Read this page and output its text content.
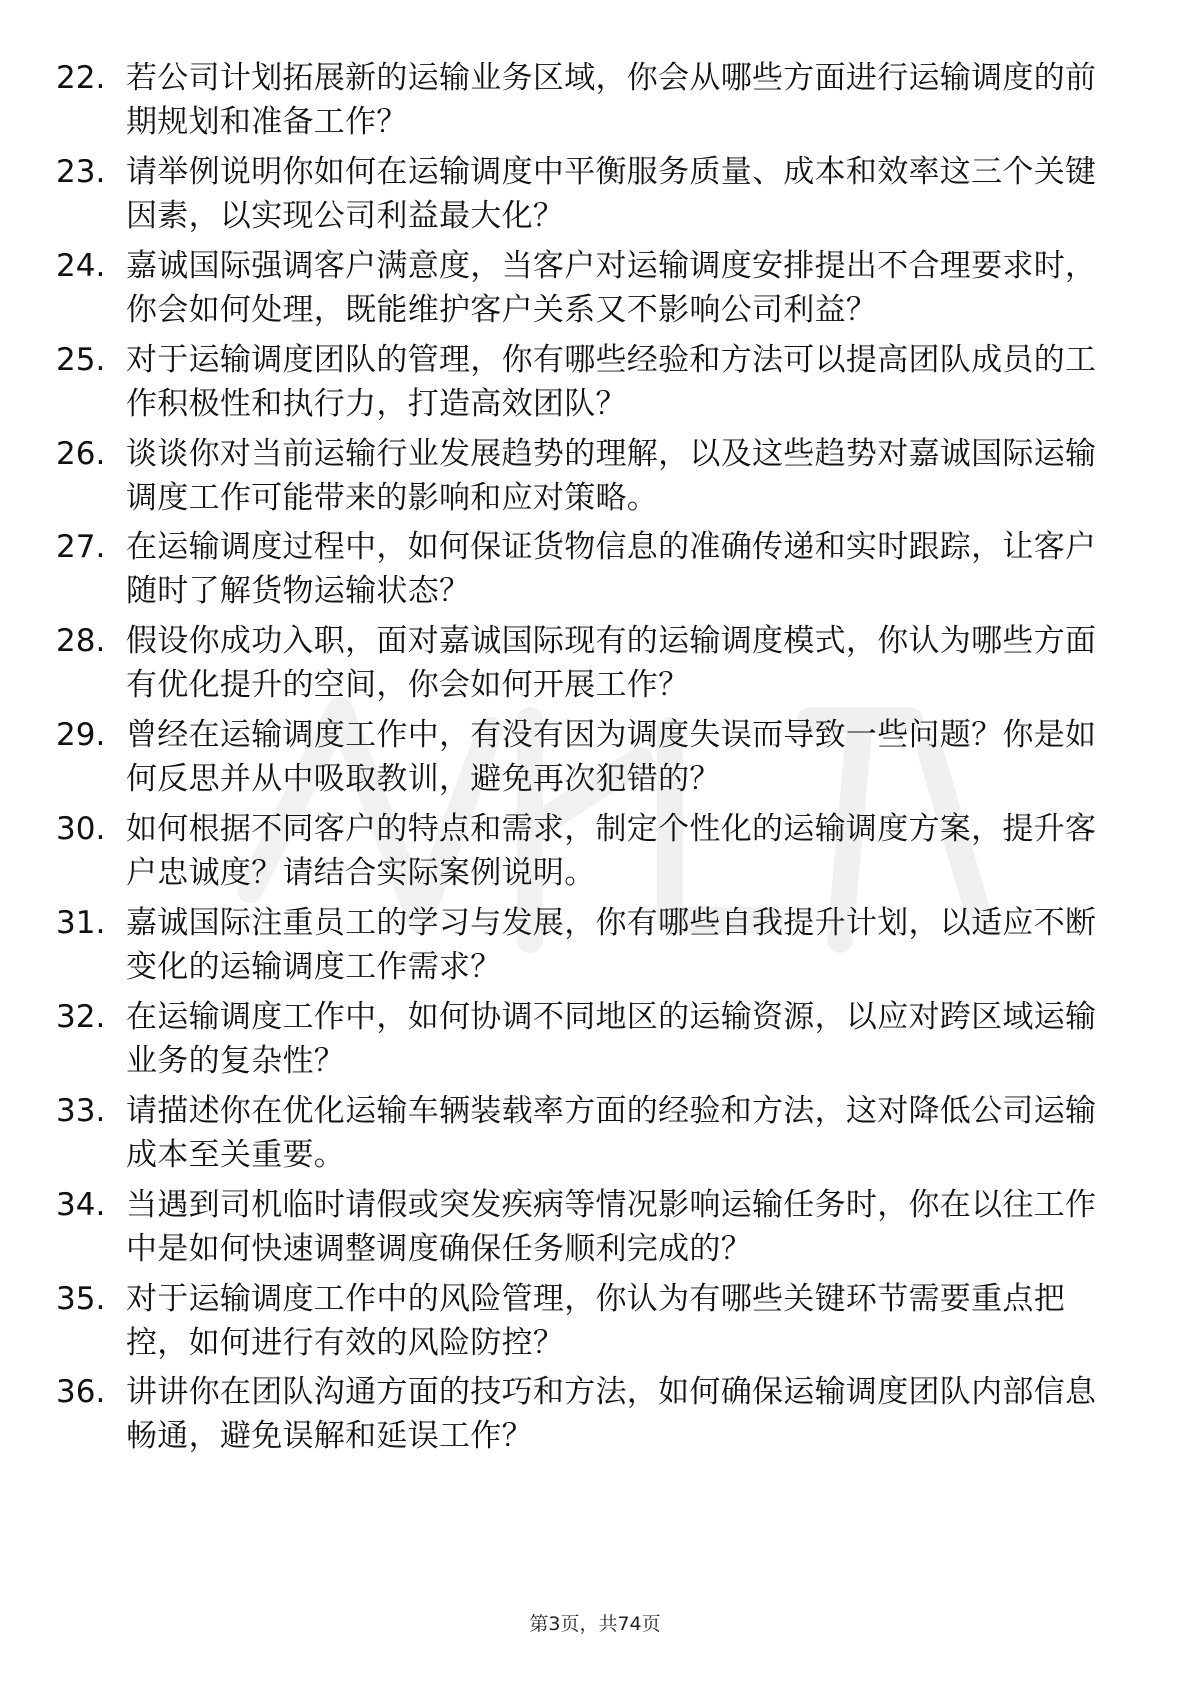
22. 若公司计划拓展新的运输业务区域，你会从哪些方面进行运输调度的前期规划和准备工作？
23. 请举例说明你如何在运输调度中平衡服务质量、成本和效率这三个关键因素，以实现公司利益最大化？
24. 嘉诚国际强调客户满意度，当客户对运输调度安排提出不合理要求时，你会如何处理，既能维护客户关系又不影响公司利益？
25. 对于运输调度团队的管理，你有哪些经验和方法可以提高团队成员的工作积极性和执行力，打造高效团队？
26. 谈谈你对当前运输行业发展趋势的理解，以及这些趋势对嘉诚国际运输调度工作可能带来的影响和应对策略。
27. 在运输调度过程中，如何保证货物信息的准确传递和实时跟踪，让客户随时了解货物运输状态？
28. 假设你成功入职，面对嘉诚国际现有的运输调度模式，你认为哪些方面有优化提升的空间，你会如何开展工作？
29. 曾经在运输调度工作中，有没有因为调度失误而导致一些问题？你是如何反思并从中吸取教训，避免再次犯错的？
30. 如何根据不同客户的特点和需求，制定个性化的运输调度方案，提升客户忠诚度？请结合实际案例说明。
31. 嘉诚国际注重员工的学习与发展，你有哪些自我提升计划，以适应不断变化的运输调度工作需求？
32. 在运输调度工作中，如何协调不同地区的运输资源，以应对跨区域运输业务的复杂性？
33. 请描述你在优化运输车辆装载率方面的经验和方法，这对降低公司运输成本至关重要。
34. 当遇到司机临时请假或突发疾病等情况影响运输任务时，你在以往工作中是如何快速调整调度确保任务顺利完成的？
35. 对于运输调度工作中的风险管理，你认为有哪些关键环节需要重点把控，如何进行有效的风险防控？
36. 讲讲你在团队沟通方面的技巧和方法，如何确保运输调度团队内部信息畅通，避免误解和延误工作？
第3页，共74页
